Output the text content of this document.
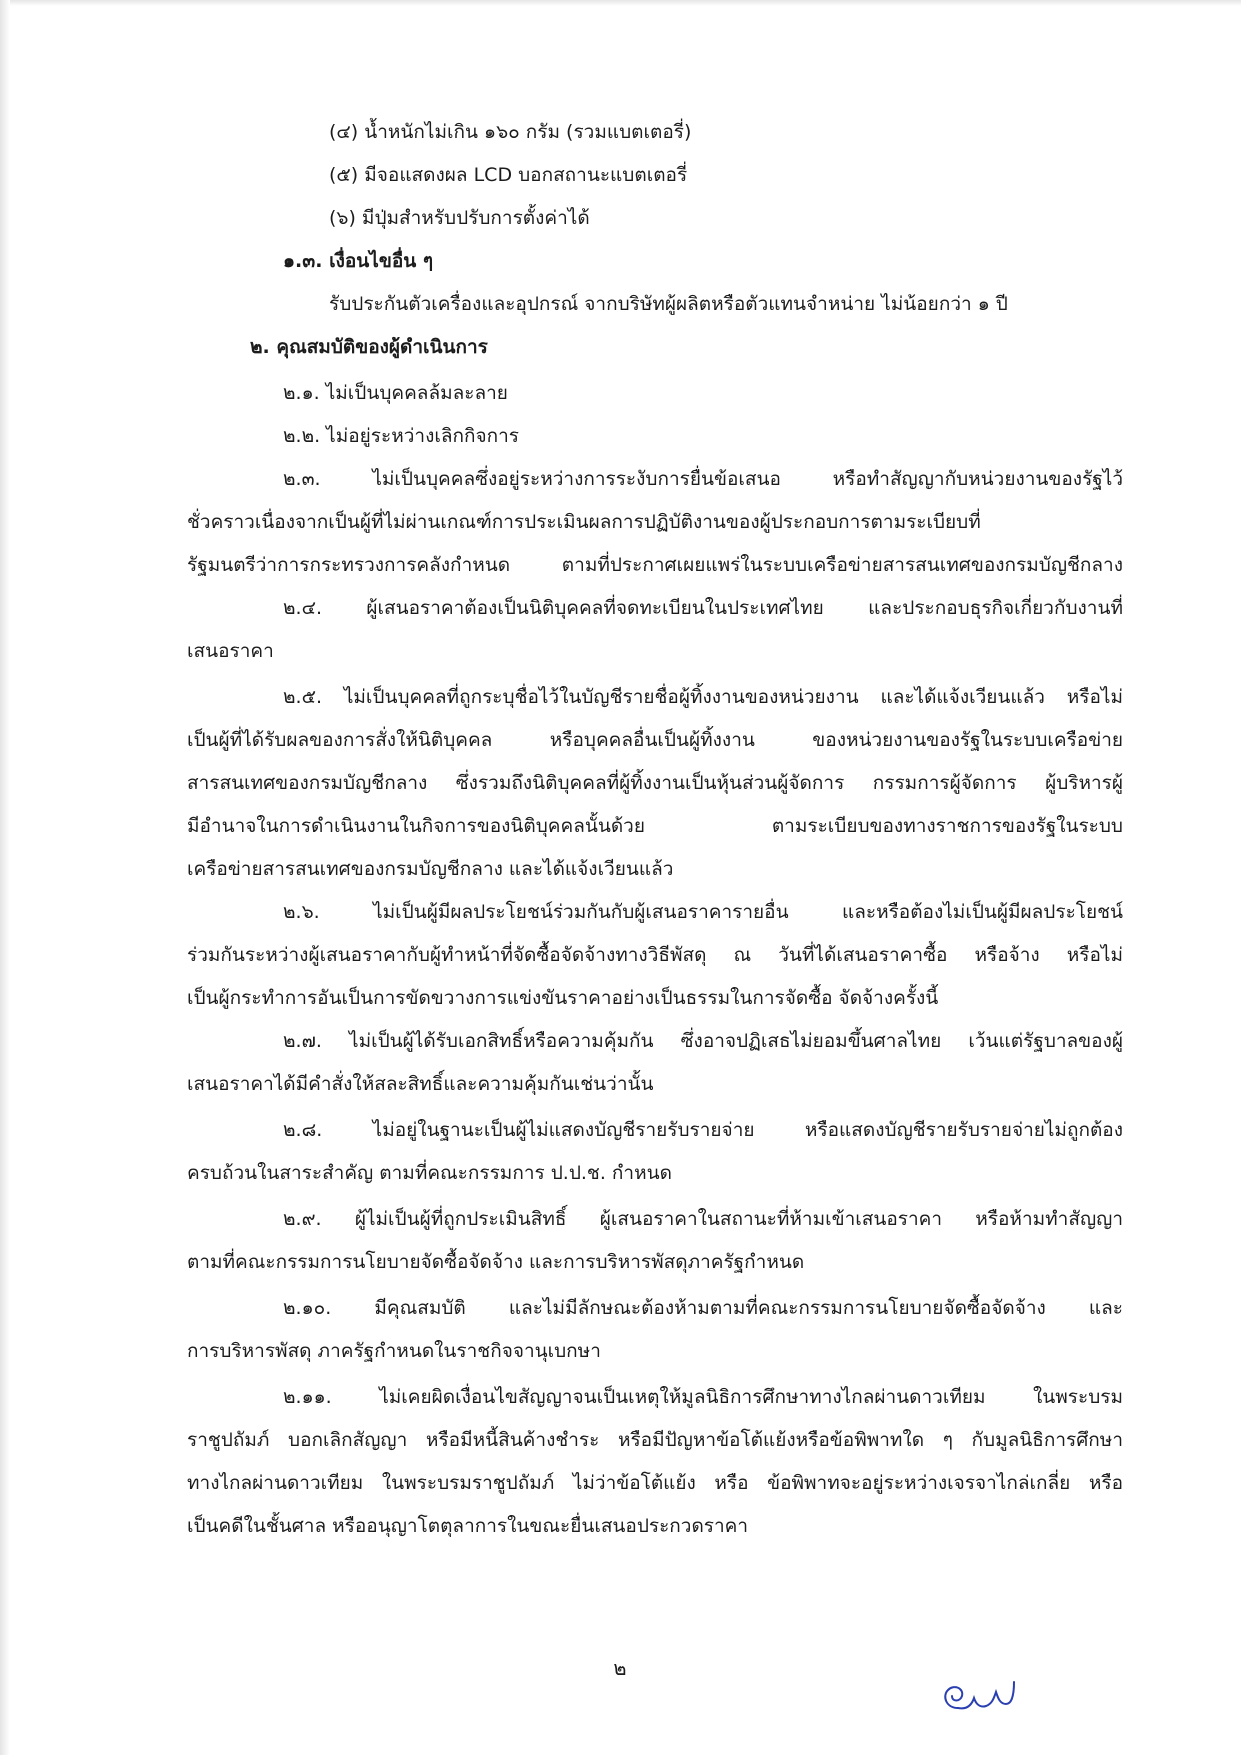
(๔) น้ำหนักไม่เกิน ๑๖๐ กรัม (รวมแบตเตอรี่)
(๕) มีจอแสดงผล LCD บอกสถานะแบตเตอรี่
(๖) มีปุ่มสำหรับปรับการตั้งค่าได้
๑.๓. เงื่อนไขอื่น ๆ
รับประกันตัวเครื่องและอุปกรณ์ จากบริษัทผู้ผลิตหรือตัวแทนจำหน่าย ไม่น้อยกว่า ๑ ปี
๒. คุณสมบัติของผู้ดำเนินการ
๒.๑. ไม่เป็นบุคคลล้มละลาย
๒.๒. ไม่อยู่ระหว่างเลิกกิจการ
๒.๓. ไม่เป็นบุคคลซึ่งอยู่ระหว่างการระงับการยื่นข้อเสนอ หรือทำสัญญากับหน่วยงานของรัฐไว้
ชั่วคราวเนื่องจากเป็นผู้ที่ไม่ผ่านเกณฑ์การประเมินผลการปฏิบัติงานของผู้ประกอบการตามระเบียบที่
รัฐมนตรีว่าการกระทรวงการคลังกำหนด ตามที่ประกาศเผยแพร่ในระบบเครือข่ายสารสนเทศของกรมบัญชีกลาง
๒.๔. ผู้เสนอราคาต้องเป็นนิติบุคคลที่จดทะเบียนในประเทศไทย และประกอบธุรกิจเกี่ยวกับงานที่
เสนอราคา
๒.๕. ไม่เป็นบุคคลที่ถูกระบุชื่อไว้ในบัญชีรายชื่อผู้ทิ้งงานของหน่วยงาน และได้แจ้งเวียนแล้ว หรือไม่
เป็นผู้ที่ได้รับผลของการสั่งให้นิติบุคคล หรือบุคคลอื่นเป็นผู้ทิ้งงาน ของหน่วยงานของรัฐในระบบเครือข่าย
สารสนเทศของกรมบัญชีกลาง ซึ่งรวมถึงนิติบุคคลที่ผู้ทิ้งงานเป็นหุ้นส่วนผู้จัดการ กรรมการผู้จัดการ ผู้บริหารผู้
มีอำนาจในการดำเนินงานในกิจการของนิติบุคคลนั้นด้วย ตามระเบียบของทางราชการของรัฐในระบบ
เครือข่ายสารสนเทศของกรมบัญชีกลาง และได้แจ้งเวียนแล้ว
๒.๖. ไม่เป็นผู้มีผลประโยชน์ร่วมกันกับผู้เสนอราคารายอื่น และหรือต้องไม่เป็นผู้มีผลประโยชน์
ร่วมกันระหว่างผู้เสนอราคากับผู้ทำหน้าที่จัดซื้อจัดจ้างทางวิธีพัสดุ ณ วันที่ได้เสนอราคาซื้อ หรือจ้าง หรือไม่
เป็นผู้กระทำการอันเป็นการขัดขวางการแข่งขันราคาอย่างเป็นธรรมในการจัดซื้อ จัดจ้างครั้งนี้
๒.๗. ไม่เป็นผู้ได้รับเอกสิทธิ์หรือความคุ้มกัน ซึ่งอาจปฏิเสธไม่ยอมขึ้นศาลไทย เว้นแต่รัฐบาลของผู้
เสนอราคาได้มีคำสั่งให้สละสิทธิ์และความคุ้มกันเช่นว่านั้น
๒.๘. ไม่อยู่ในฐานะเป็นผู้ไม่แสดงบัญชีรายรับรายจ่าย หรือแสดงบัญชีรายรับรายจ่ายไม่ถูกต้อง
ครบถ้วนในสาระสำคัญ ตามที่คณะกรรมการ ป.ป.ช. กำหนด
๒.๙. ผู้ไม่เป็นผู้ที่ถูกประเมินสิทธิ์ ผู้เสนอราคาในสถานะที่ห้ามเข้าเสนอราคา หรือห้ามทำสัญญา
ตามที่คณะกรรมการนโยบายจัดซื้อจัดจ้าง และการบริหารพัสดุภาครัฐกำหนด
๒.๑๐. มีคุณสมบัติ และไม่มีลักษณะต้องห้ามตามที่คณะกรรมการนโยบายจัดซื้อจัดจ้าง และ
การบริหารพัสดุ ภาครัฐกำหนดในราชกิจจานุเบกษา
๒.๑๑. ไม่เคยผิดเงื่อนไขสัญญาจนเป็นเหตุให้มูลนิธิการศึกษาทางไกลผ่านดาวเทียม ในพระบรม
ราชูปถัมภ์ บอกเลิกสัญญา หรือมีหนี้สินค้างชำระ หรือมีปัญหาข้อโต้แย้งหรือข้อพิพาทใด ๆ กับมูลนิธิการศึกษา
ทางไกลผ่านดาวเทียม ในพระบรมราชูปถัมภ์ ไม่ว่าข้อโต้แย้ง หรือ ข้อพิพาทจะอยู่ระหว่างเจรจาไกล่เกลี่ย หรือ
เป็นคดีในชั้นศาล หรืออนุญาโตตุลาการในขณะยื่นเสนอประกวดราคา
๒
